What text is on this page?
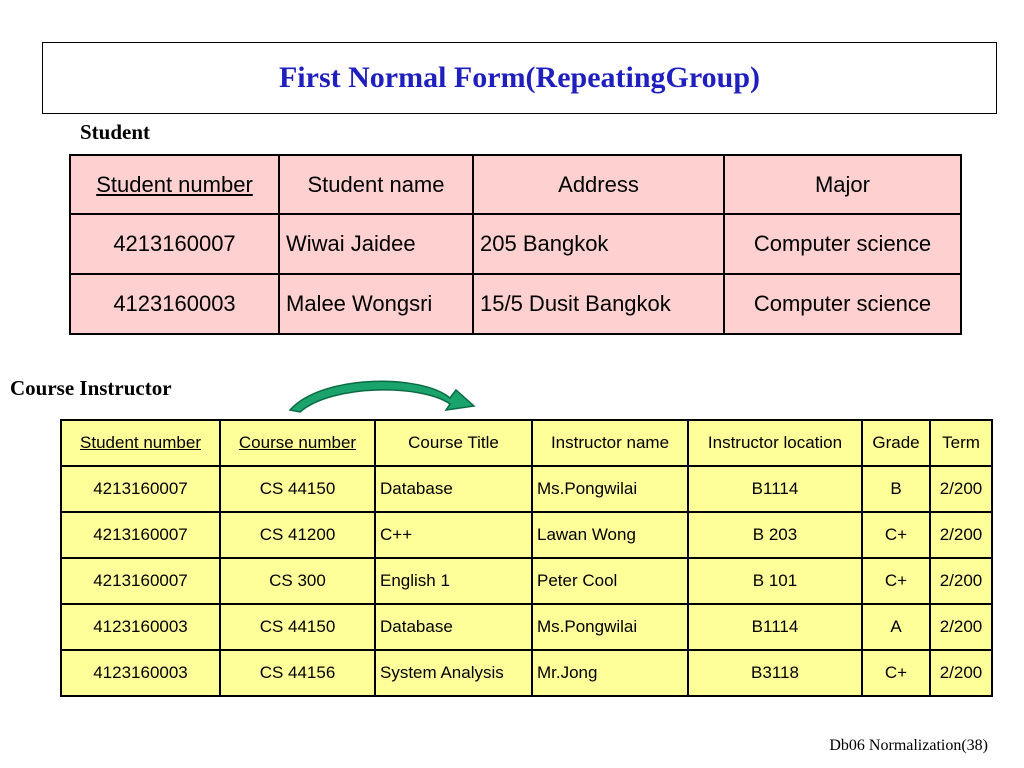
First Normal Form(RepeatingGroup)
Student
Student number	Student name	Address	Major
4213160007	Wiwai Jaidee	205 Bangkok	Computer science
4123160003	Malee Wongsri	15/5 Dusit Bangkok	Computer science
Course Instructor
Student number	Course number	Course Title	Instructor name	Instructor location	Grade	Term
4213160007	CS 44150	Database	Ms.Pongwilai	B1114	B	2/200
4213160007	CS 41200	C++	Lawan Wong	B 203	C+	2/200
4213160007	CS 300	English 1	Peter Cool	B 101	C+	2/200
4123160003	CS 44150	Database	Ms.Pongwilai	B1114	A	2/200
4123160003	CS 44156	System Analysis	Mr.Jong	B3118	C+	2/200
Db06 Normalization(38)
